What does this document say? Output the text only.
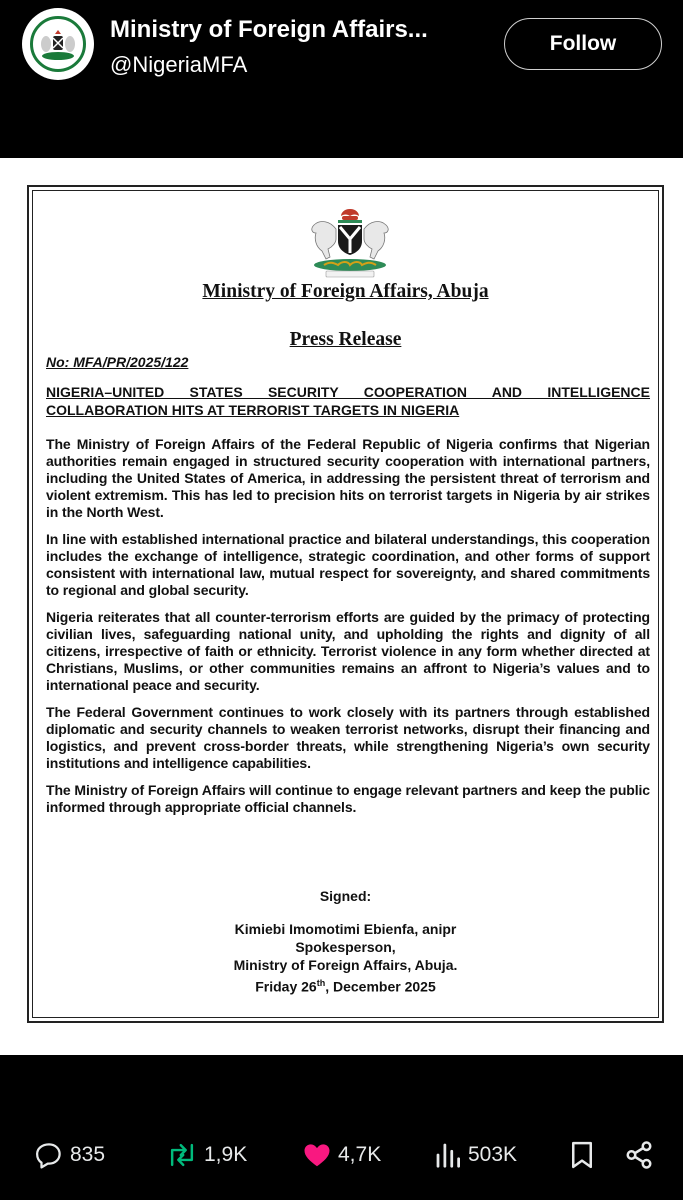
Ministry of Foreign Affairs...
@NigeriaMFA
Follow
Ministry of Foreign Affairs, Abuja
Press Release
No: MFA/PR/2025/122
NIGERIA–UNITED STATES SECURITY COOPERATION AND INTELLIGENCE COLLABORATION HITS AT TERRORIST TARGETS IN NIGERIA

The Ministry of Foreign Affairs of the Federal Republic of Nigeria confirms that Nigerian authorities remain engaged in structured security cooperation with international partners, including the United States of America, in addressing the persistent threat of terrorism and violent extremism. This has led to precision hits on terrorist targets in Nigeria by air strikes in the North West.

In line with established international practice and bilateral understandings, this cooperation includes the exchange of intelligence, strategic coordination, and other forms of support consistent with international law, mutual respect for sovereignty, and shared commitments to regional and global security.

Nigeria reiterates that all counter-terrorism efforts are guided by the primacy of protecting civilian lives, safeguarding national unity, and upholding the rights and dignity of all citizens, irrespective of faith or ethnicity. Terrorist violence in any form whether directed at Christians, Muslims, or other communities remains an affront to Nigeria’s values and to international peace and security.

The Federal Government continues to work closely with its partners through established diplomatic and security channels to weaken terrorist networks, disrupt their financing and logistics, and prevent cross-border threats, while strengthening Nigeria’s own security institutions and intelligence capabilities.

The Ministry of Foreign Affairs will continue to engage relevant partners and keep the public informed through appropriate official channels.

Signed:
Kimiebi Imomotimi Ebienfa, anipr
Spokesperson,
Ministry of Foreign Affairs, Abuja.
Friday 26th, December 2025
835	1,9K	4,7K	503K
